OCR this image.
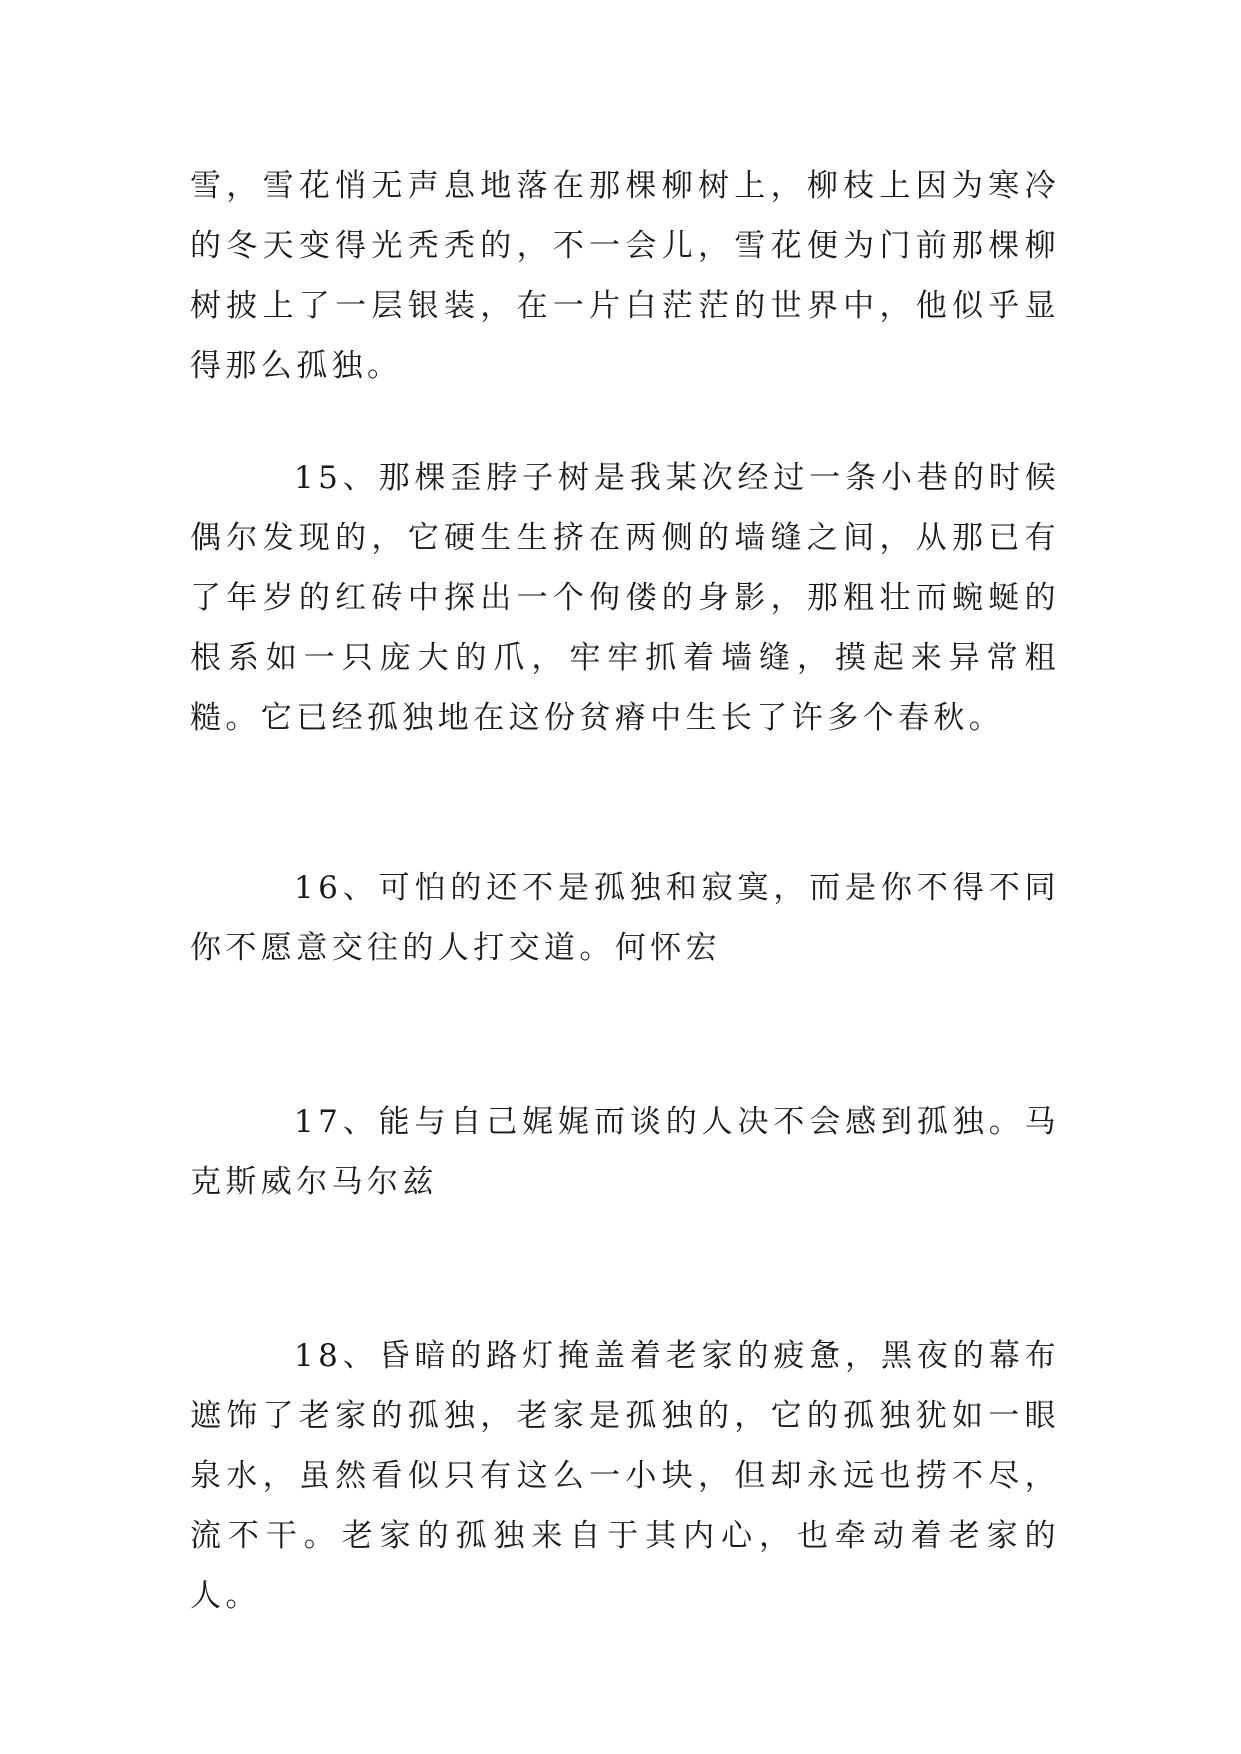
雪，雪花悄无声息地落在那棵柳树上，柳枝上因为寒冷的冬天变得光秃秃的，不一会儿，雪花便为门前那棵柳树披上了一层银装，在一片白茫茫的世界中，他似乎显得那么孤独。

15、那棵歪脖子树是我某次经过一条小巷的时候偶尔发现的，它硬生生挤在两侧的墙缝之间，从那已有了年岁的红砖中探出一个佝偻的身影，那粗壮而蜿蜒的根系如一只庞大的爪，牢牢抓着墙缝，摸起来异常粗糙。它已经孤独地在这份贫瘠中生长了许多个春秋。

16、可怕的还不是孤独和寂寞，而是你不得不同你不愿意交往的人打交道。何怀宏

17、能与自己娓娓而谈的人决不会感到孤独。马克斯威尔马尔兹

18、昏暗的路灯掩盖着老家的疲惫，黑夜的幕布遮饰了老家的孤独，老家是孤独的，它的孤独犹如一眼泉水，虽然看似只有这么一小块，但却永远也捞不尽，流不干。老家的孤独来自于其内心，也牵动着老家的人。
